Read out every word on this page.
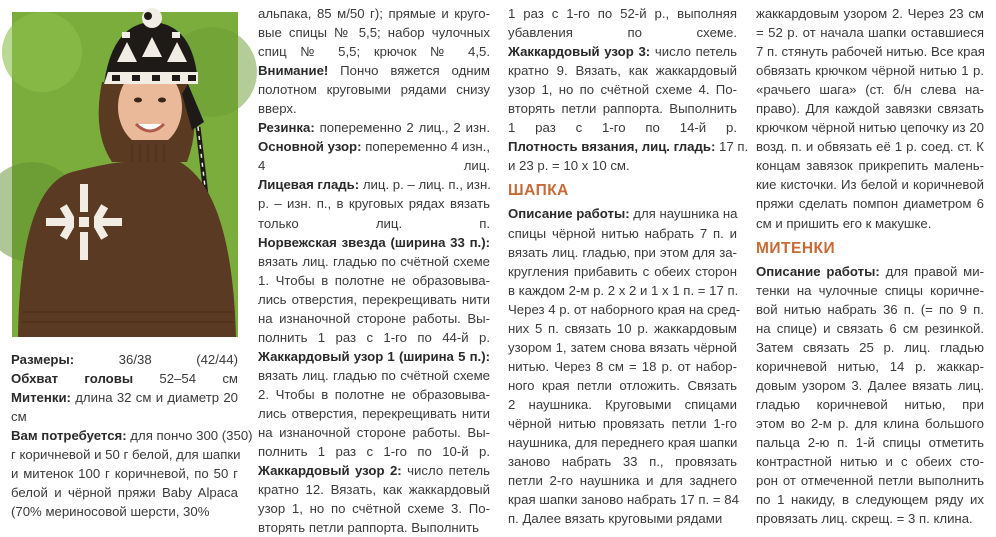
Размеры: 36/38 (42/44)
Обхват головы 52–54 см
Митенки: длина 32 см и диаметр 20
см
Вам потребуется: для пончо 300 (350)
г коричневой и 50 г белой, для шапки
и митенок 100 г коричневой, по 50 г
белой и чёрной пряжи Baby Alpaca
(70% мериносовой шерсти, 30%
альпака, 85 м/50 г); прямые и круго-
вые спицы № 5,5; набор чулочных
спиц № 5,5; крючок № 4,5.
Внимание! Пончо вяжется одним
полотном круговыми рядами снизу
вверх.
Резинка: попеременно 2 лиц., 2 изн.
Основной узор: попеременно 4 изн.,
4 лиц.
Лицевая гладь: лиц. р. – лиц. п., изн.
р. – изн. п., в круговых рядах вязать
только лиц. п.
Норвежская звезда (ширина 33 п.):
вязать лиц. гладью по счётной схеме
1. Чтобы в полотне не образовыва-
лись отверстия, перекрещивать нити
на изнаночной стороне работы. Вы-
полнить 1 раз с 1-го по 44-й р.
Жаккардовый узор 1 (ширина 5 п.):
вязать лиц. гладью по счётной схеме
2. Чтобы в полотне не образовыва-
лись отверстия, перекрещивать нити
на изнаночной стороне работы. Вы-
полнить 1 раз с 1-го по 10-й р.
Жаккардовый узор 2: число петель
кратно 12. Вязать, как жаккардовый
узор 1, но по счётной схеме 3. По-
вторять петли раппорта. Выполнить
1 раз с 1-го по 52-й р., выполняя
убавления по схеме.
Жаккардовый узор 3: число петель
кратно 9. Вязать, как жаккардовый
узор 1, но по счётной схеме 4. По-
вторять петли раппорта. Выполнить
1 раз с 1-го по 14-й р.
Плотность вязания, лиц. гладь: 17 п.
и 23 р. = 10 х 10 см.
ШАПКА
Описание работы: для наушника на
спицы чёрной нитью набрать 7 п. и
вязать лиц. гладью, при этом для за-
кругления прибавить с обеих сторон
в каждом 2-м р. 2 х 2 и 1 х 1 п. = 17 п.
Через 4 р. от наборного края на сред-
них 5 п. связать 10 р. жаккардовым
узором 1, затем снова вязать чёрной
нитью. Через 8 см = 18 р. от набор-
ного края петли отложить. Связать
2 наушника. Круговыми спицами
чёрной нитью провязать петли 1-го
наушника, для переднего края шапки
заново набрать 33 п., провязать
петли 2-го наушника и для заднего
края шапки заново набрать 17 п. = 84
п. Далее вязать круговыми рядами
жаккардовым узором 2. Через 23 см
= 52 р. от начала шапки оставшиеся
7 п. стянуть рабочей нитью. Все края
обвязать крючком чёрной нитью 1 р.
«рачьего шага» (ст. б/н слева на-
право). Для каждой завязки связать
крючком чёрной нитью цепочку из 20
возд. п. и обвязать её 1 р. соед. ст. К
концам завязок прикрепить малень-
кие кисточки. Из белой и коричневой
пряжи сделать помпон диаметром 6
см и пришить его к макушке.
МИТЕНКИ
Описание работы: для правой ми-
тенки на чулочные спицы коричне-
вой нитью набрать 36 п. (= по 9 п.
на спице) и связать 6 см резинкой.
Затем связать 25 р. лиц. гладью
коричневой нитью, 14 р. жаккар-
довым узором 3. Далее вязать лиц.
гладью коричневой нитью, при
этом во 2-м р. для клина большого
пальца 2-ю п. 1-й спицы отметить
контрастной нитью и с обеих сто-
рон от отмеченной петли выполнить
по 1 накиду, в следующем ряду их
провязать лиц. скрещ. = 3 п. клина.
